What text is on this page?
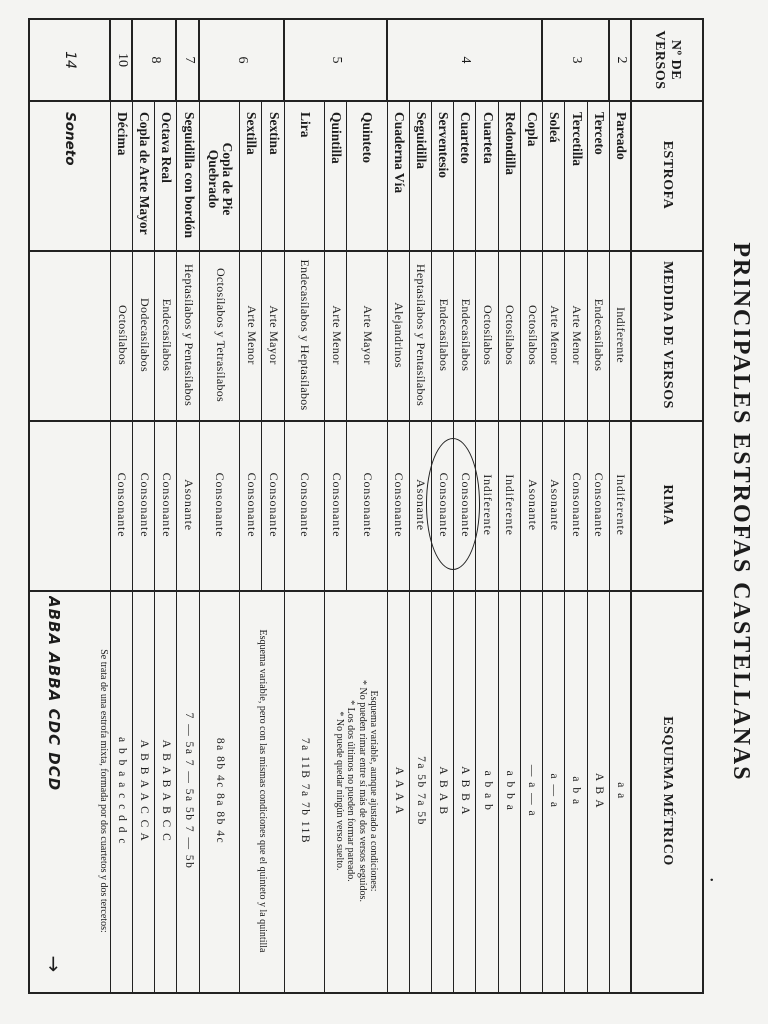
PRINCIPALES ESTROFAS CASTELLANAS
•
Nº DE VERSOS
ESTROFA
MEDIDA DE VERSOS
RIMA
ESQUEMA MÉTRICO
2
3
4
5
6
7
8
10
14
Pareado
Indiferente
Indiferente
a a
Terceto
Endecasílabos
Consonante
A B A
Tercetilla
Arte Menor
Consonante
a b a
Soleá
Arte Menor
Asonante
a — a
Copla
Octosílabos
Asonante
— a — a
Redondilla
Octosílabos
Indiferente
a b b a
Cuarteta
Octosílabos
Indiferente
a b a b
Cuarteto
Endecasílabos
Consonante
A B B A
Serventesio
Endecasílabos
Consonante
A B A B
Seguidilla
Heptasílabos y Pentasílabos
Asonante
7a 5b 7a 5b
Cuaderna Vía
Alejandrinos
Consonante
A A A A
Quinteto
Arte Mayor
Consonante
Esquema variable, aunque ajustado a condiciones:
* No pueden rimar entre sí más de dos versos seguidos.
* Los dos últimos no pueden formar pareado.
* No puede quedar ningún verso suelto.
Quintilla
Arte Menor
Consonante
Lira
Endecasílabos y Heptasílabos
Consonante
7a 11B 7a 7b 11B
Sextina
Arte Mayor
Consonante
Esquema variable, pero con las mismas condiciones que el quinteto y la quintilla
Sextilla
Arte Menor
Consonante
Copla de Pie Quebrado
Octosílabos y Tetrasílabos
Consonante
8a 8b 4c 8a 8b 4c
Seguidilla con bordón
Heptasílabos y Pentasílabos
Asonante
7 — 5a 7 — 5a 5b 7 — 5b
Octava Real
Endecasílabos
Consonante
A B A B A B C C
Copla de Arte Mayor
Dodecasílabos
Consonante
A B B A A C C A
Décima
Octosílabos
Consonante
a b b a a c c d d c
Soneto
Se trata de una estrofa mixta, formada por dos cuartetos y dos tercetos:
ABBA ABBA CDC DCD
→
